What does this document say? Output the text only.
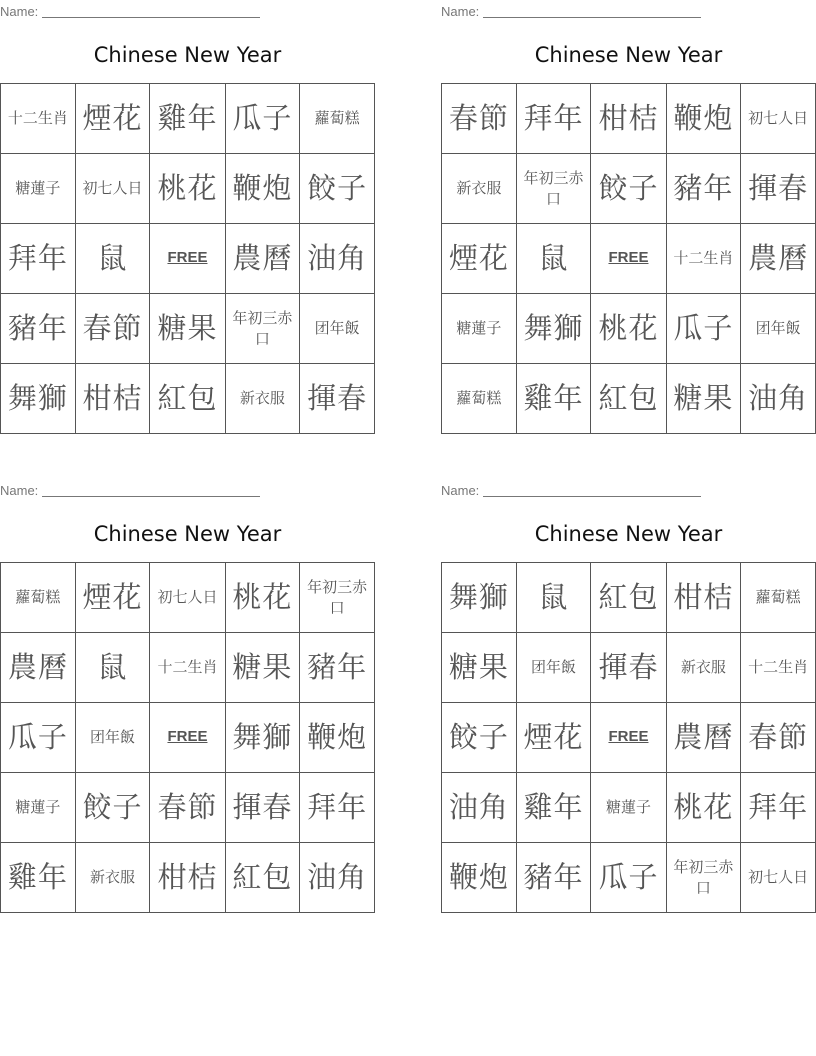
Name:
Chinese New Year
十二生肖	煙花	雞年	瓜子	蘿蔔糕
糖蓮子	初七人日	桃花	鞭炮	餃子
拜年	鼠	FREE	農曆	油角
豬年	春節	糖果	年初三赤口	团年飯
舞獅	柑桔	紅包	新衣服	揮春
Name:
Chinese New Year
春節	拜年	柑桔	鞭炮	初七人日
新衣服	年初三赤口	餃子	豬年	揮春
煙花	鼠	FREE	十二生肖	農曆
糖蓮子	舞獅	桃花	瓜子	团年飯
蘿蔔糕	雞年	紅包	糖果	油角
Name:
Chinese New Year
蘿蔔糕	煙花	初七人日	桃花	年初三赤口
農曆	鼠	十二生肖	糖果	豬年
瓜子	团年飯	FREE	舞獅	鞭炮
糖蓮子	餃子	春節	揮春	拜年
雞年	新衣服	柑桔	紅包	油角
Name:
Chinese New Year
舞獅	鼠	紅包	柑桔	蘿蔔糕
糖果	团年飯	揮春	新衣服	十二生肖
餃子	煙花	FREE	農曆	春節
油角	雞年	糖蓮子	桃花	拜年
鞭炮	豬年	瓜子	年初三赤口	初七人日
